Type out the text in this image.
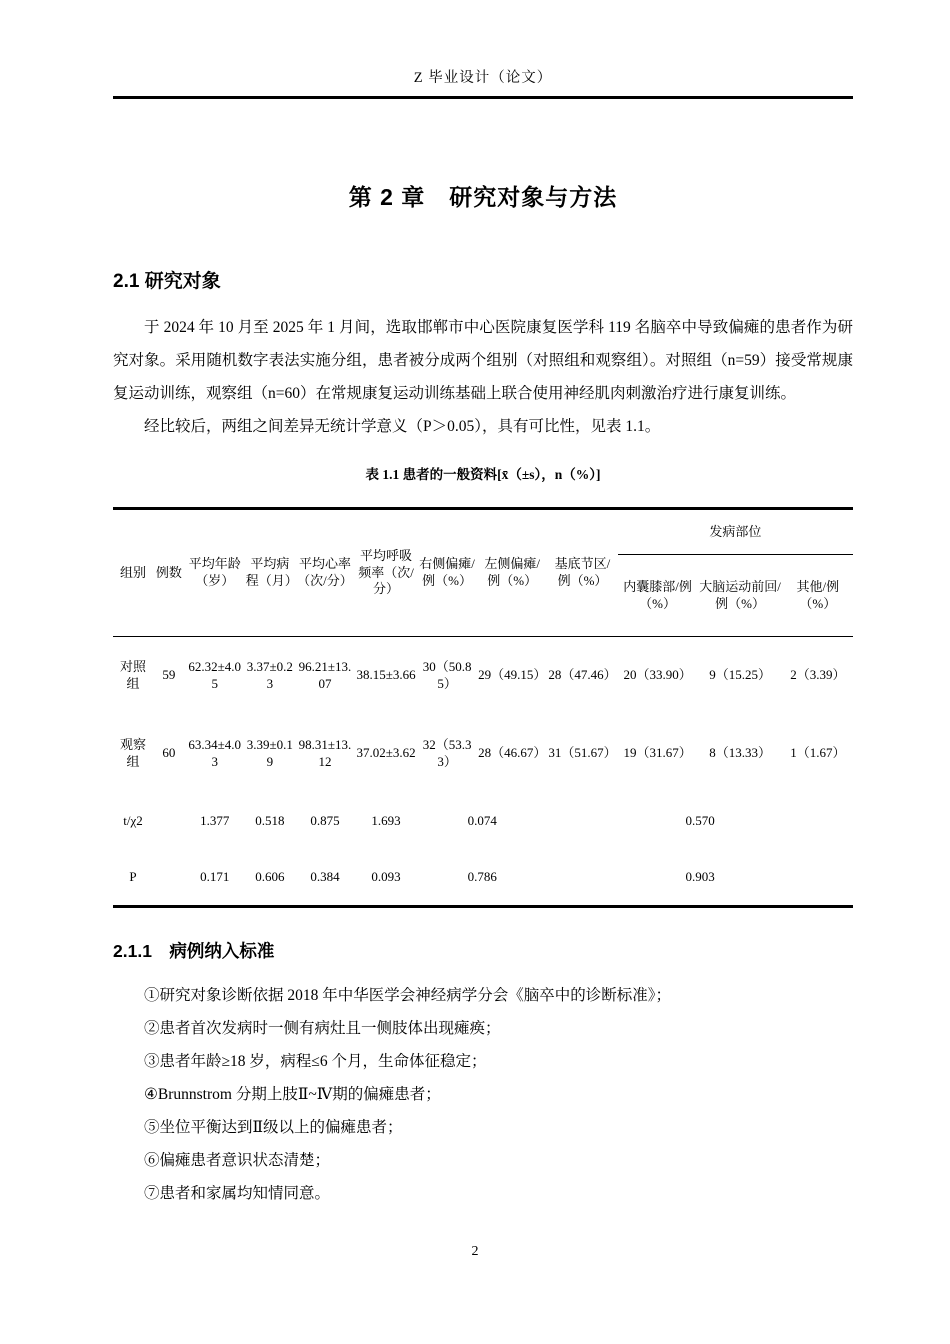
Z 毕业设计（论文）
第 2 章　研究对象与方法
2.1 研究对象

于 2024 年 10 月至 2025 年 1 月间，选取邯郸市中心医院康复医学科 119 名脑卒中导致偏瘫的患者作为研究对象。采用随机数字表法实施分组，患者被分成两个组别（对照组和观察组）。对照组（n=59）接受常规康复运动训练，观察组（n=60）在常规康复运动训练基础上联合使用神经肌肉刺激治疗进行康复训练。

经比较后，两组之间差异无统计学意义（P＞0.05），具有可比性，见表 1.1。

表 1.1 患者的一般资料[x̄（±s），n（%）]
组别	例数	平均年龄（岁）	平均病程（月）	平均心率（次/分）	平均呼吸频率（次/分）	右侧偏瘫/例（%）	左侧偏瘫/例（%）	基底节区/例（%）	发病部位		
									内囊膝部/例（%）	大脑运动前回/例（%）	其他/例（%）
对照组	59	62.32±4.05	3.37±0.23	96.21±13.07	38.15±3.66	30（50.85）	29（49.15）	28（47.46）	20（33.90）	9（15.25）	2（3.39）
观察组	60	63.34±4.03	3.39±0.19	98.31±13.12	37.02±3.62	32（53.33）	28（46.67）	31（51.67）	19（31.67）	8（13.33）	1（1.67）
t/χ2		1.377	0.518	0.875	1.693	0.074		0.570			
P		0.171	0.606	0.384	0.093	0.786		0.903			
2.1.1　病例纳入标准
①研究对象诊断依据 2018 年中华医学会神经病学分会《脑卒中的诊断标准》；
②患者首次发病时一侧有病灶且一侧肢体出现瘫痪；
③患者年龄≥18 岁，病程≤6 个月，生命体征稳定；
④Brunnstrom 分期上肢Ⅱ~Ⅳ期的偏瘫患者；
⑤坐位平衡达到Ⅱ级以上的偏瘫患者；
⑥偏瘫患者意识状态清楚；
⑦患者和家属均知情同意。
2
